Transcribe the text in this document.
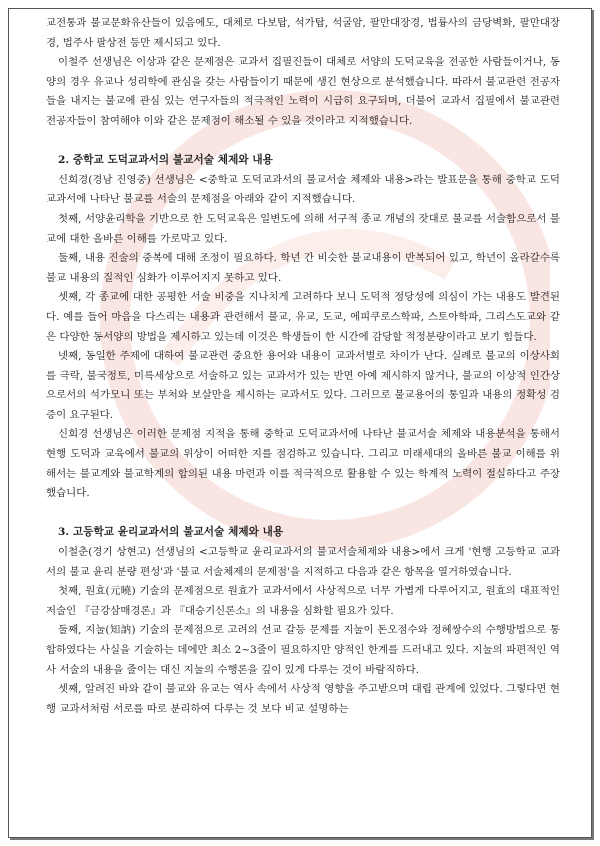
교전통과 불교문화유산들이 있음에도, 대체로 다보탑, 석가탑, 석굴암, 팔만대장경, 법륭사의 금당벽화, 팔만대장경, 법주사 팔상전 등만 제시되고 있다.

이철주 선생님은 이상과 같은 문제점은 교과서 집필진들이 대체로 서양의 도덕교육을 전공한 사람들이거나, 동양의 경우 유교나 성리학에 관심을 갖는 사람들이기 때문에 생긴 현상으로 분석했습니다. 따라서 불교관련 전공자들을 내지는 불교에 관심 있는 연구자들의 적극적인 노력이 시급히 요구되며, 더불어 교과서 집필에서 불교관련 전공자들이 참여해야 이와 같은 문제점이 해소될 수 있을 것이라고 지적했습니다.

2. 중학교 도덕교과서의 불교서술 체제와 내용

신희경(경남 진영중) 선생님은 <중학교 도덕교과서의 불교서술 체제와 내용>라는 발표문을 통해 중학교 도덕교과서에 나타난 불교를 서술의 문제점을 아래와 같이 지적했습니다.

첫째, 서양윤리학을 기반으로 한 도덕교육은 일변도에 의해 서구적 종교 개념의 잣대로 불교를 서술함으로서 불교에 대한 올바른 이해를 가로막고 있다.

둘째, 내용 진술의 중복에 대해 조정이 필요하다. 학년 간 비슷한 불교내용이 반복되어 있고, 학년이 올라갈수록 불교 내용의 질적인 심화가 이루어지지 못하고 있다.

셋째, 각 종교에 대한 공평한 서술 비중을 지나치게 고려하다 보니 도덕적 정당성에 의심이 가는 내용도 발견된다. 예를 들어 마음을 다스리는 내용과 관련해서 불교, 유교, 도교, 에피쿠로스학파, 스토아학파, 그리스도교와 같은 다양한 동서양의 방법을 제시하고 있는데 이것은 학생들이 한 시간에 감당할 적정분량이라고 보기 힘들다.

넷째, 동일한 주제에 대하여 불교관련 중요한 용어와 내용이 교과서별로 차이가 난다. 실례로 불교의 이상사회를 극락, 불국정토, 미륵세상으로 서술하고 있는 교과서가 있는 반면 아예 제시하지 않거나, 불교의 이상적 인간상으로서의 석가모니 또는 부처와 보살만을 제시하는 교과서도 있다. 그러므로 불교용어의 통일과 내용의 정확성 검증이 요구된다.

신희경 선생님은 이러한 문제점 지적을 통해 중학교 도덕교과서에 나타난 불교서술 체제와 내용분석을 통해서 현행 도덕과 교육에서 불교의 위상이 어떠한 지를 점검하고 있습니다. 그리고 미래세대의 올바른 불교 이해를 위해서는 불교계와 불교학계의 합의된 내용 마련과 이를 적극적으로 활용할 수 있는 학계적 노력이 절실하다고 주장했습니다.

3. 고등학교 윤리교과서의 불교서술 체제와 내용

이철춘(경기 상현고) 선생님의 <고등학교 윤리교과서의 불교서술체제와 내용>에서 크게 '현행 고등학교 교과서의 불교 윤리 분량 편성'과 '불교 서술체제의 문제점'을 지적하고 다음과 같은 항목을 열거하였습니다.

첫째, 원효(元曉) 기술의 문제점으로 원효가 교과서에서 사상적으로 너무 가볍게 다루어지고, 원효의 대표적인 저술인 『금강삼매경론』과 『대승기신론소』의 내용을 심화할 필요가 있다.

둘째, 지눌(知訥) 기술의 문제점으로 고려의 선교 갈등 문제를 지눌이 돈오점수와 정혜쌍수의 수행방법으로 통합하였다는 사실을 기술하는 데에만 최소 2~3줄이 필요하지만 양적인 한계를 드러내고 있다. 지눌의 파편적인 역사 서술의 내용을 줄이는 대신 지눌의 수행론을 깊이 있게 다루는 것이 바람직하다.

셋째, 알려진 바와 같이 불교와 유교는 역사 속에서 사상적 영향을 주고받으며 대립 관계에 있었다. 그렇다면 현행 교과서처럼 서로를 따로 분리하여 다루는 것 보다 비교 설명하는
